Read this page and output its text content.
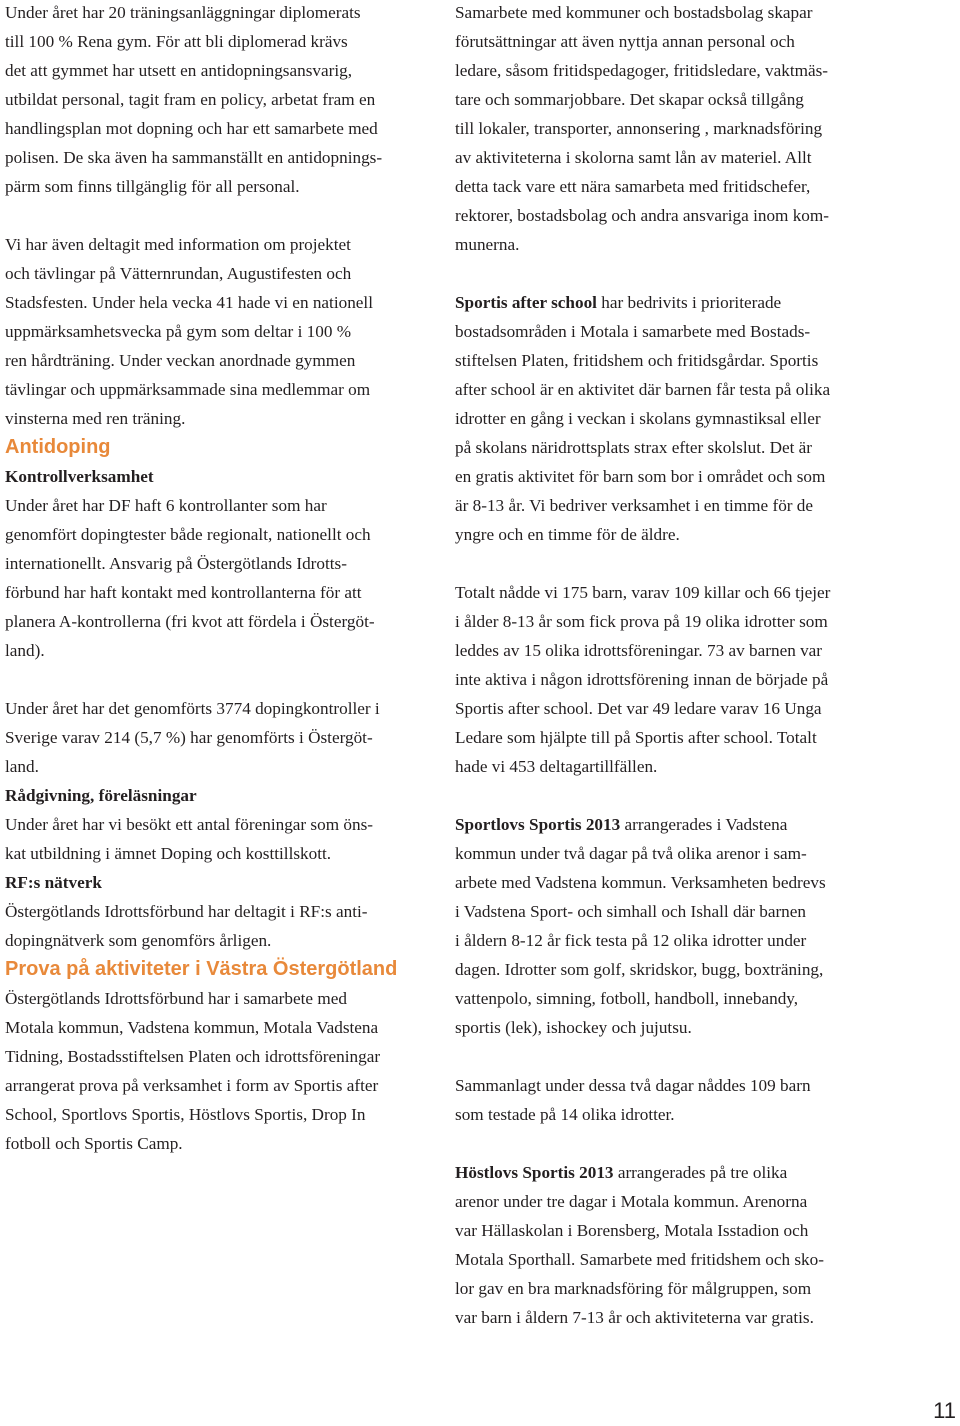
Under året har 20 träningsanläggningar diplomerats
till 100 % Rena gym. För att bli diplomerad krävs
det att gymmet har utsett en antidopningsansvarig,
utbildat personal, tagit fram en policy, arbetat fram en
handlingsplan mot dopning och har ett samarbete med
polisen. De ska även ha sammanställt en antidopnings-
pärm som finns tillgänglig för all personal.

Vi har även deltagit med information om projektet
och tävlingar på Vätternrundan, Augustifesten och
Stadsfesten. Under hela vecka 41 hade vi en nationell
uppmärksamhetsvecka på gym som deltar i 100 %
ren hårdträning. Under veckan anordnade gymmen
tävlingar och uppmärksammade sina medlemmar om
vinsterna med ren träning.

Antidoping
Kontrollverksamhet

Under året har DF haft 6 kontrollanter som har
genomfört dopingtester både regionalt, nationellt och
internationellt. Ansvarig på Östergötlands Idrotts-
förbund har haft kontakt med kontrollanterna för att
planera A-kontrollerna (fri kvot att fördela i Östergöt-
land).

Under året har det genomförts 3774 dopingkontroller i
Sverige varav 214 (5,7 %) har genomförts i Östergöt-
land.

Rådgivning, föreläsningar

Under året har vi besökt ett antal föreningar som öns-
kat utbildning i ämnet Doping och kosttillskott.

RF:s nätverk

Östergötlands Idrottsförbund har deltagit i RF:s anti-
dopingnätverk som genomförs årligen.

Prova på aktiviteter i Västra Östergötland

Östergötlands Idrottsförbund har i samarbete med
Motala kommun, Vadstena kommun, Motala Vadstena
Tidning, Bostadsstiftelsen Platen och idrottsföreningar
arrangerat prova på verksamhet i form av Sportis after
School, Sportlovs Sportis, Höstlovs Sportis, Drop In
fotboll och Sportis Camp.

Samarbete med kommuner och bostadsbolag skapar
förutsättningar att även nyttja annan personal och
ledare, såsom fritidspedagoger, fritidsledare, vaktmäs-
tare och sommarjobbare. Det skapar också tillgång
till lokaler, transporter, annonsering , marknadsföring
av aktiviteterna i skolorna samt lån av materiel. Allt
detta tack vare ett nära samarbeta med fritidschefer,
rektorer, bostadsbolag och andra ansvariga inom kom-
munerna.

Sportis after school har bedrivits i prioriterade
bostadsområden i Motala i samarbete med Bostads-
stiftelsen Platen, fritidshem och fritidsgårdar. Sportis
after school är en aktivitet där barnen får testa på olika
idrotter en gång i veckan i skolans gymnastiksal eller
på skolans näridrottsplats strax efter skolslut. Det är
en gratis aktivitet för barn som bor i området och som
är 8-13 år. Vi bedriver verksamhet i en timme för de
yngre och en timme för de äldre.

Totalt nådde vi 175 barn, varav 109 killar och 66 tjejer
i ålder 8-13 år som fick prova på 19 olika idrotter som
leddes av 15 olika idrottsföreningar. 73 av barnen var
inte aktiva i någon idrottsförening innan de började på
Sportis after school. Det var 49 ledare varav 16 Unga
Ledare som hjälpte till på Sportis after school. Totalt
hade vi 453 deltagartillfällen.

Sportlovs Sportis 2013 arrangerades i Vadstena
kommun under två dagar på två olika arenor i sam-
arbete med Vadstena kommun. Verksamheten bedrevs
i Vadstena Sport- och simhall och Ishall där barnen
i åldern 8-12 år fick testa på 12 olika idrotter under
dagen. Idrotter som golf, skridskor, bugg, boxträning,
vattenpolo, simning, fotboll, handboll, innebandy,
sportis (lek), ishockey och jujutsu.

Sammanlagt under dessa två dagar nåddes 109 barn
som testade på 14 olika idrotter.

Höstlovs Sportis 2013 arrangerades på tre olika
arenor under tre dagar i Motala kommun. Arenorna
var Hällaskolan i Borensberg, Motala Isstadion och
Motala Sporthall. Samarbete med fritidshem och sko-
lor gav en bra marknadsföring för målgruppen, som
var barn i åldern 7-13 år och aktiviteterna var gratis.

11
